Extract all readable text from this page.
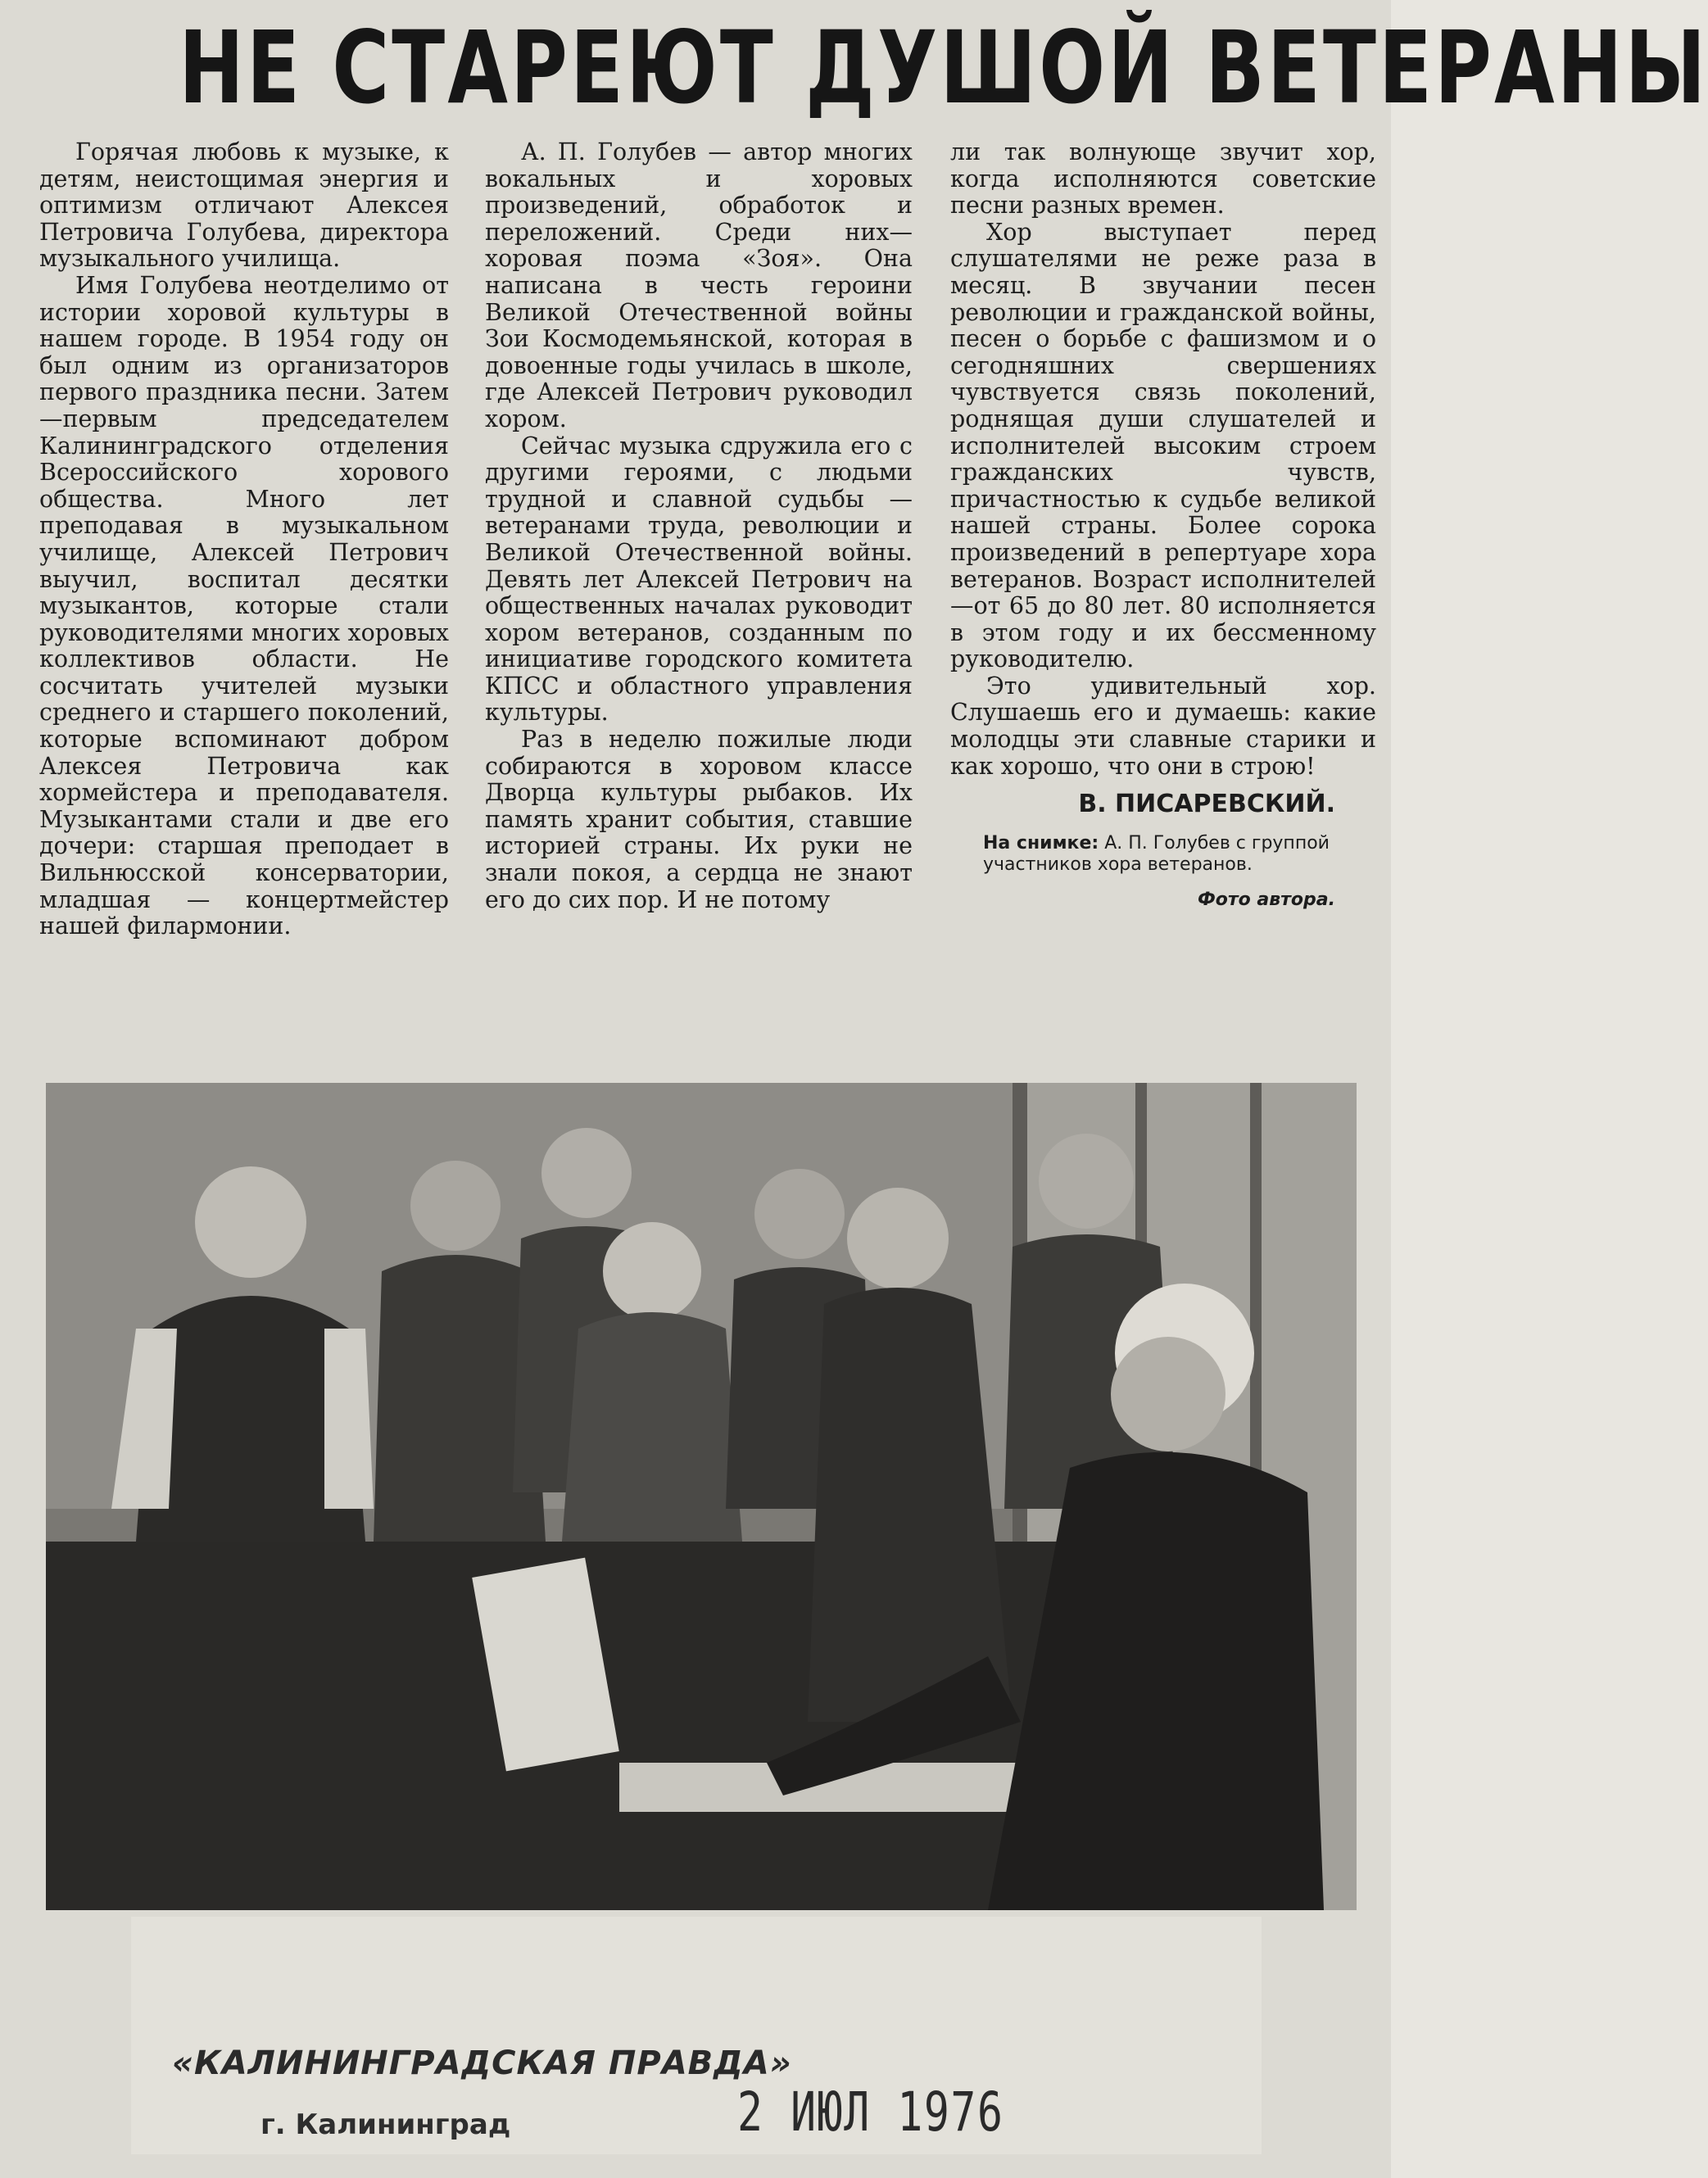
НЕ СТАРЕЮТ ДУШОЙ ВЕТЕРАНЫ

Горячая любовь к музыке, к детям, неистощимая энергия и оптимизм отличают Алексея Петровича Голубева, директора музыкального училища.

Имя Голубева неотделимо от истории хоровой культуры в нашем городе. В 1954 году он был одним из организаторов первого праздника песни. Затем—первым председателем Калининградского отделения Всероссийского хорового общества. Много лет преподавая в музыкальном училище, Алексей Петрович выучил, воспитал десятки музыкантов, которые стали руководителями многих хоровых коллективов области. Не сосчитать учителей музыки среднего и старшего поколений, которые вспоминают добром Алексея Петровича как хормейстера и преподавателя. Музыкантами стали и две его дочери: старшая преподает в Вильнюсской консерватории, младшая — концертмейстер нашей филармонии.

А. П. Голубев — автор многих вокальных и хоровых произведений, обработок и переложений. Среди них— хоровая поэма «Зоя». Она написана в честь героини Великой Отечественной войны Зои Космодемьянской, которая в довоенные годы училась в школе, где Алексей Петрович руководил хором.

Сейчас музыка сдружила его с другими героями, с людьми трудной и славной судьбы — ветеранами труда, революции и Великой Отечественной войны. Девять лет Алексей Петрович на общественных началах руководит хором ветеранов, созданным по инициативе городского комитета КПСС и областного управления культуры.

Раз в неделю пожилые люди собираются в хоровом классе Дворца культуры рыбаков. Их память хранит события, ставшие историей страны. Их руки не знали покоя, а сердца не знают его до сих пор. И не потому

ли так волнующе звучит хор, когда исполняются советские песни разных времен.

Хор выступает перед слушателями не реже раза в месяц. В звучании песен революции и гражданской войны, песен о борьбе с фашизмом и о сегодняшних свершениях чувствуется связь поколений, роднящая души слушателей и исполнителей высоким строем гражданских чувств, причастностью к судьбе великой нашей страны. Более сорока произведений в репертуаре хора ветеранов. Возраст исполнителей—от 65 до 80 лет. 80 исполняется в этом году и их бессменному руководителю.

Это удивительный хор. Слушаешь его и думаешь: какие молодцы эти славные старики и как хорошо, что они в строю!

В. ПИСАРЕВСКИЙ.
На снимке: А. П. Голубев с группой участников хора ветеранов.
Фото автора.
«КАЛИНИНГРАДСКАЯ ПРАВДА»
г. Калининград	2 ИЮЛ 1976
